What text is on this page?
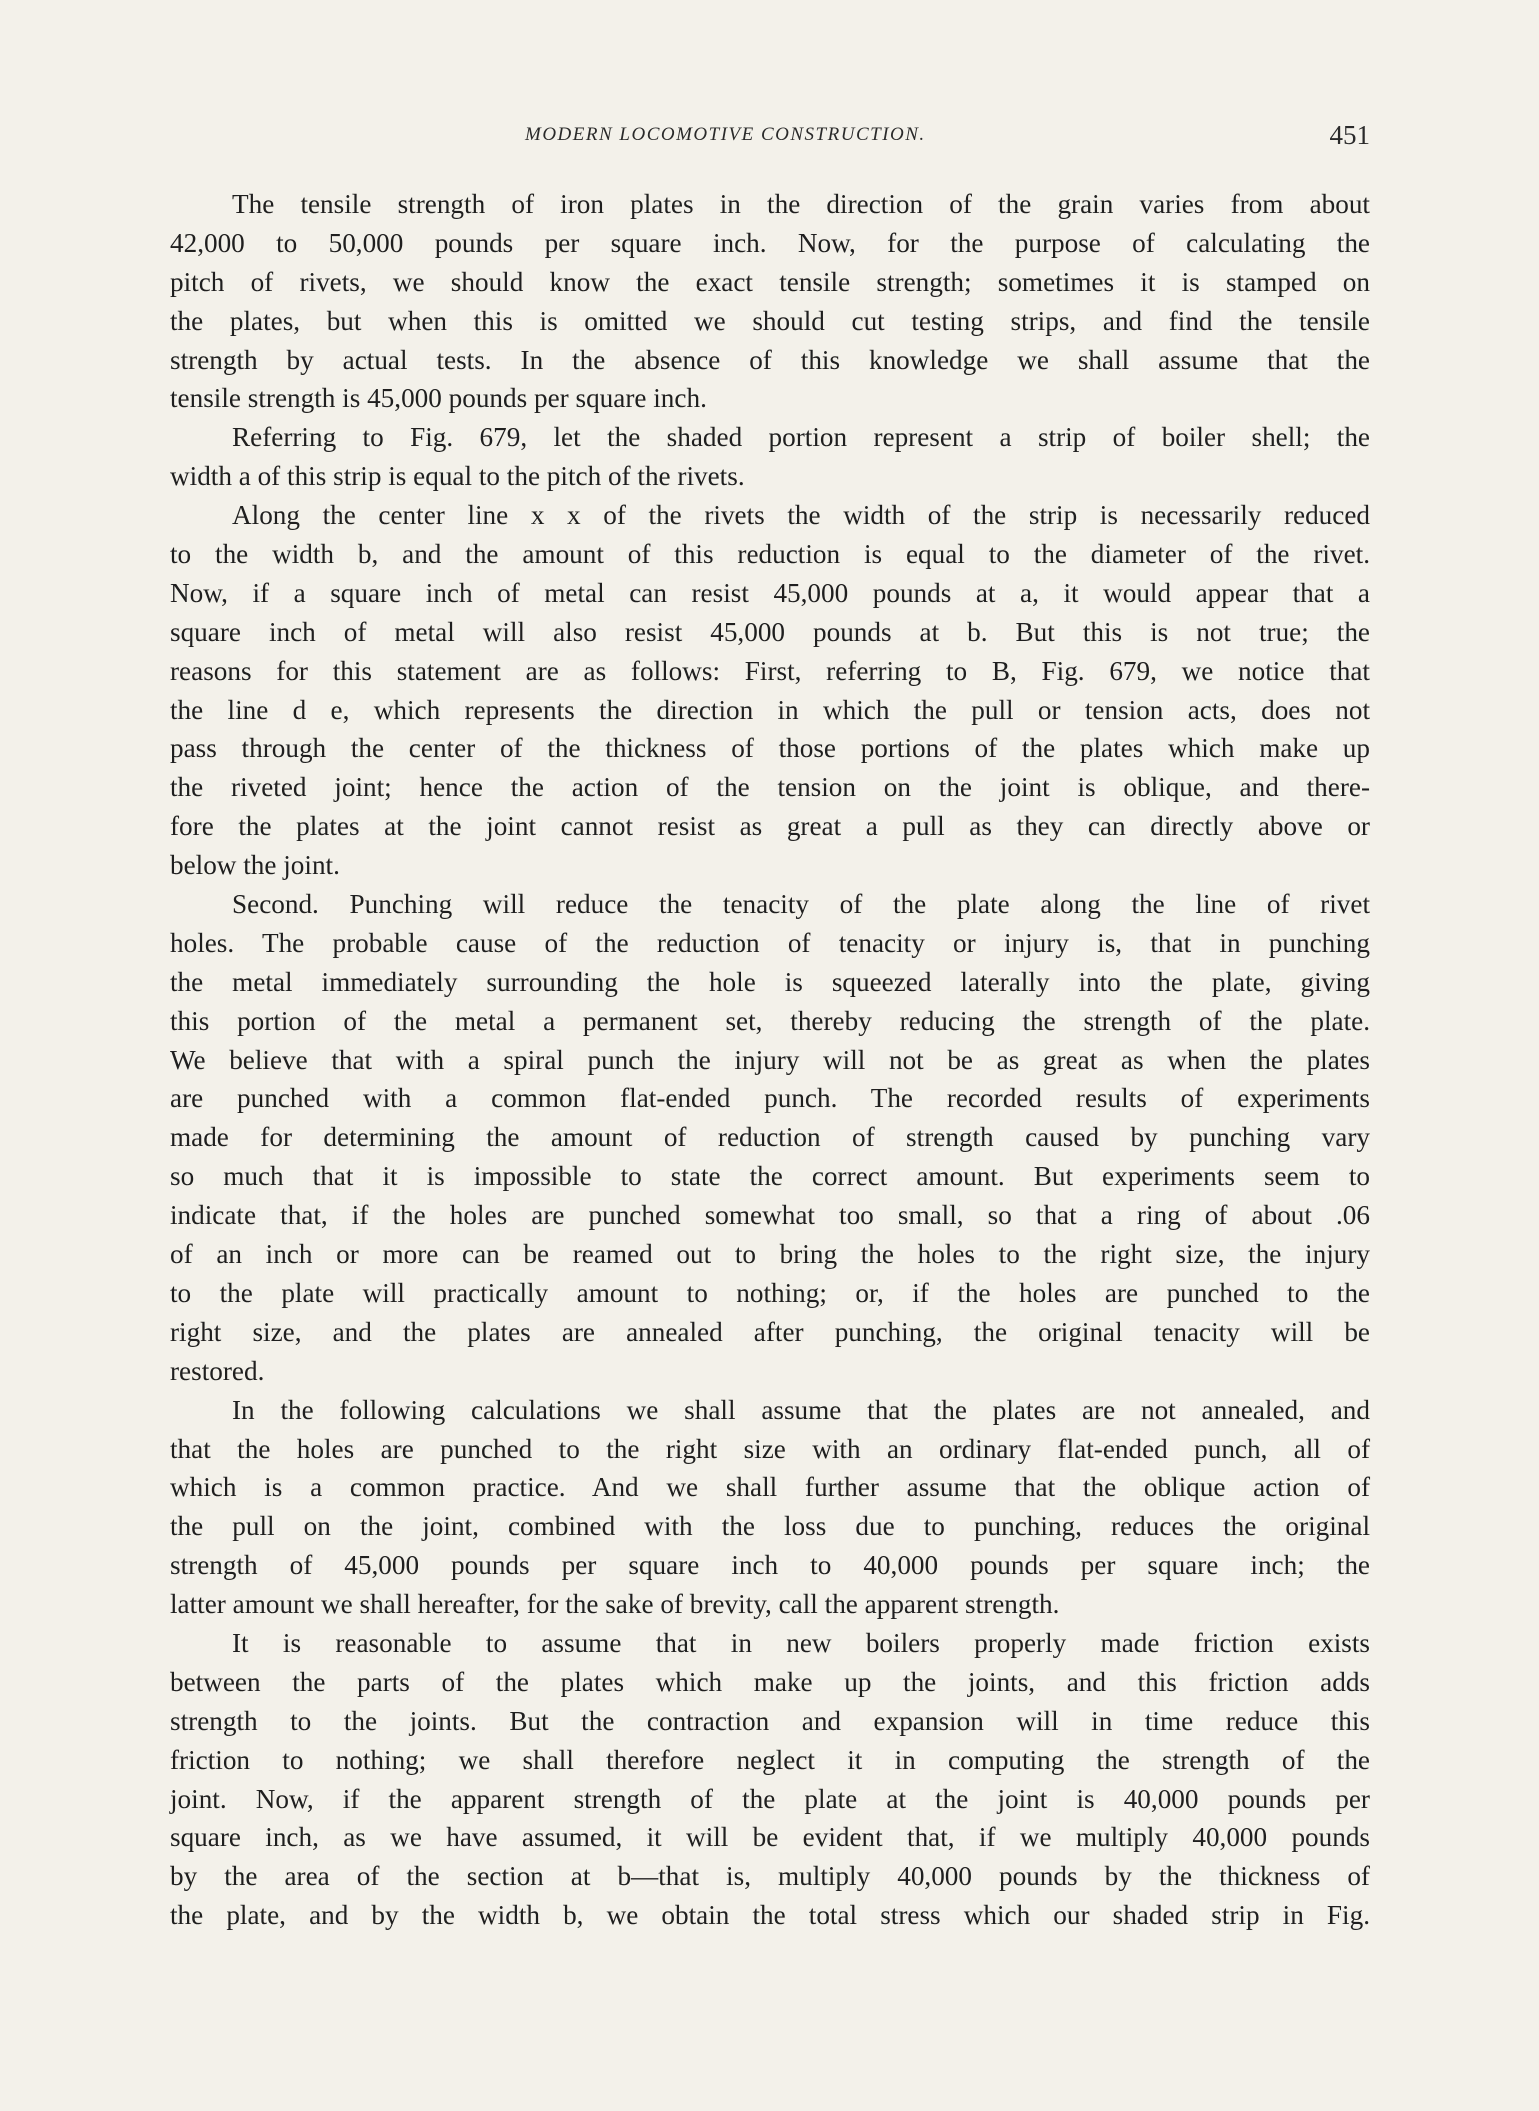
MODERN LOCOMOTIVE CONSTRUCTION.	451
The tensile strength of iron plates in the direction of the grain varies from about
42,000 to 50,000 pounds per square inch. Now, for the purpose of calculating the
pitch of rivets, we should know the exact tensile strength; sometimes it is stamped on
the plates, but when this is omitted we should cut testing strips, and find the tensile
strength by actual tests. In the absence of this knowledge we shall assume that the
tensile strength is 45,000 pounds per square inch.
Referring to Fig. 679, let the shaded portion represent a strip of boiler shell; the
width a of this strip is equal to the pitch of the rivets.
Along the center line x x of the rivets the width of the strip is necessarily reduced
to the width b, and the amount of this reduction is equal to the diameter of the rivet.
Now, if a square inch of metal can resist 45,000 pounds at a, it would appear that a
square inch of metal will also resist 45,000 pounds at b. But this is not true; the
reasons for this statement are as follows: First, referring to B, Fig. 679, we notice that
the line d e, which represents the direction in which the pull or tension acts, does not
pass through the center of the thickness of those portions of the plates which make up
the riveted joint; hence the action of the tension on the joint is oblique, and there-
fore the plates at the joint cannot resist as great a pull as they can directly above or
below the joint.
Second. Punching will reduce the tenacity of the plate along the line of rivet
holes. The probable cause of the reduction of tenacity or injury is, that in punching
the metal immediately surrounding the hole is squeezed laterally into the plate, giving
this portion of the metal a permanent set, thereby reducing the strength of the plate.
We believe that with a spiral punch the injury will not be as great as when the plates
are punched with a common flat-ended punch. The recorded results of experiments
made for determining the amount of reduction of strength caused by punching vary
so much that it is impossible to state the correct amount. But experiments seem to
indicate that, if the holes are punched somewhat too small, so that a ring of about .06
of an inch or more can be reamed out to bring the holes to the right size, the injury
to the plate will practically amount to nothing; or, if the holes are punched to the
right size, and the plates are annealed after punching, the original tenacity will be
restored.
In the following calculations we shall assume that the plates are not annealed, and
that the holes are punched to the right size with an ordinary flat-ended punch, all of
which is a common practice. And we shall further assume that the oblique action of
the pull on the joint, combined with the loss due to punching, reduces the original
strength of 45,000 pounds per square inch to 40,000 pounds per square inch; the
latter amount we shall hereafter, for the sake of brevity, call the apparent strength.
It is reasonable to assume that in new boilers properly made friction exists
between the parts of the plates which make up the joints, and this friction adds
strength to the joints. But the contraction and expansion will in time reduce this
friction to nothing; we shall therefore neglect it in computing the strength of the
joint. Now, if the apparent strength of the plate at the joint is 40,000 pounds per
square inch, as we have assumed, it will be evident that, if we multiply 40,000 pounds
by the area of the section at b—that is, multiply 40,000 pounds by the thickness of
the plate, and by the width b, we obtain the total stress which our shaded strip in Fig.
